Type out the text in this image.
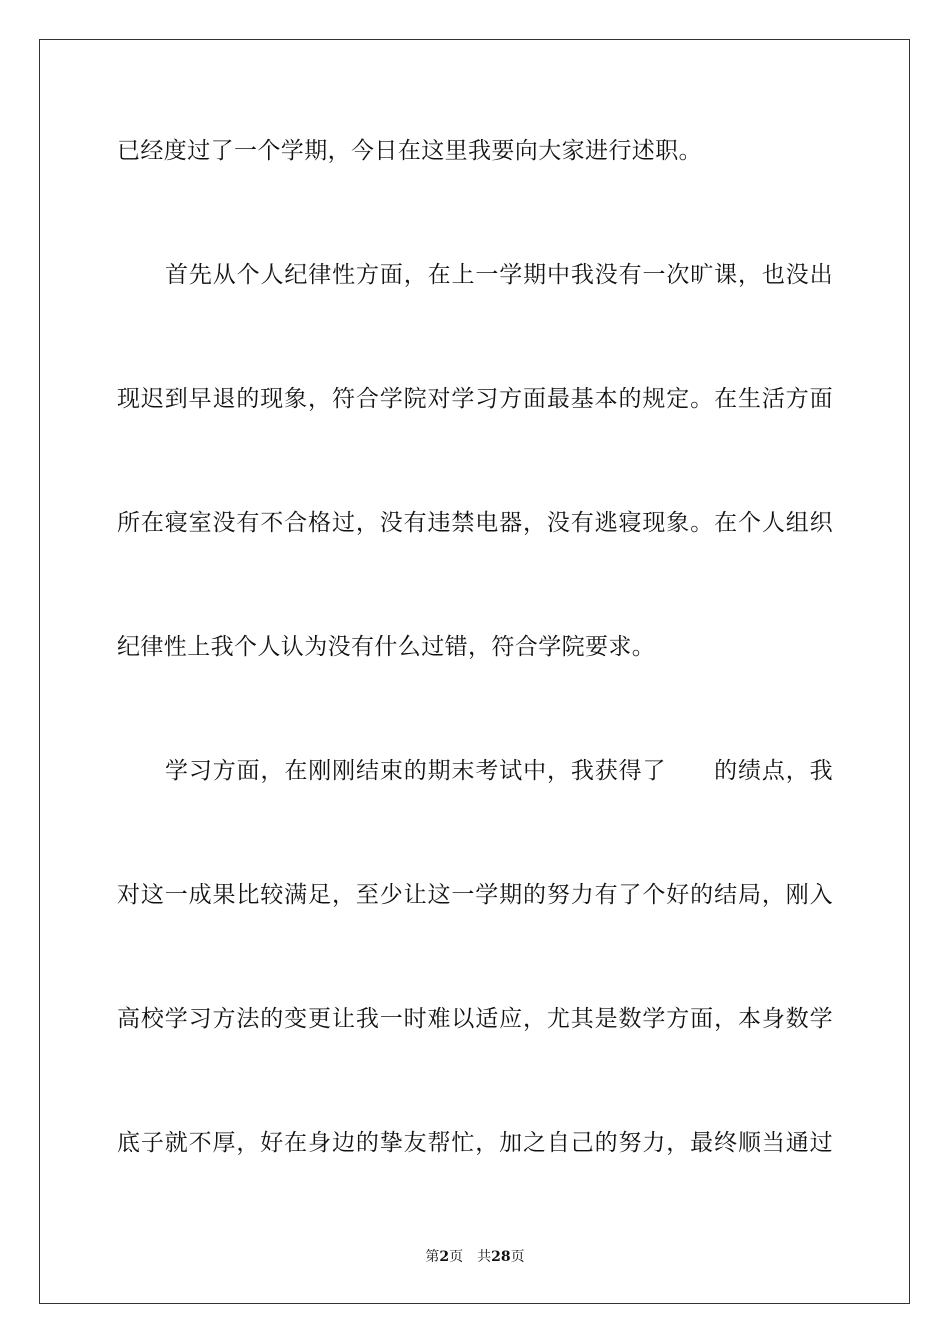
已经度过了一个学期，今日在这里我要向大家进行述职。
首先从个人纪律性方面，在上一学期中我没有一次旷课，也没出
现迟到早退的现象，符合学院对学习方面最基本的规定。在生活方面
所在寝室没有不合格过，没有违禁电器，没有逃寝现象。在个人组织
纪律性上我个人认为没有什么过错，符合学院要求。
学习方面，在刚刚结束的期末考试中，我获得了　　的绩点，我
对这一成果比较满足，至少让这一学期的努力有了个好的结局，刚入
高校学习方法的变更让我一时难以适应，尤其是数学方面，本身数学
底子就不厚，好在身边的挚友帮忙，加之自己的努力，最终顺当通过
第2页 共28页
